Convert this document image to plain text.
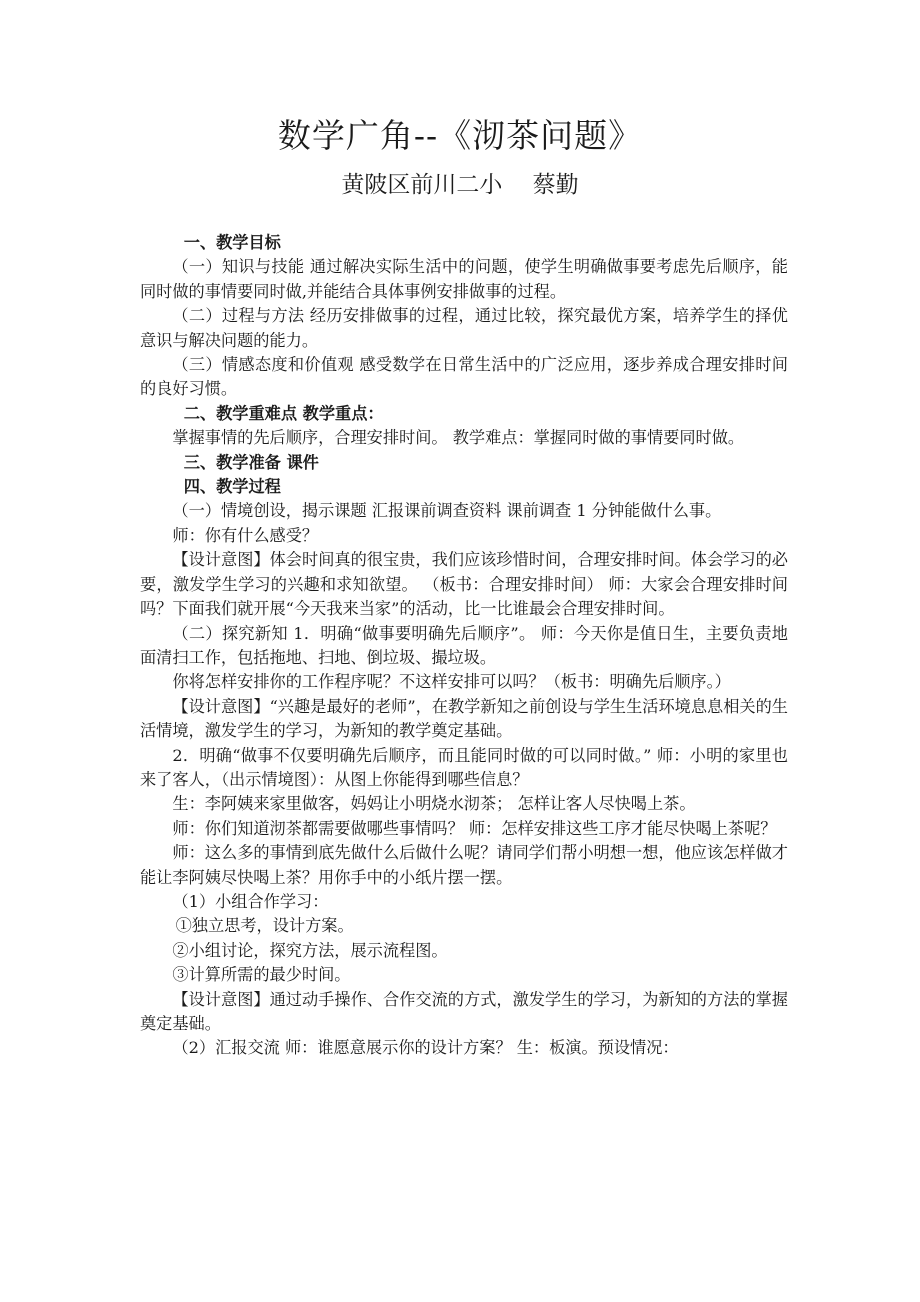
数学广角--《沏茶问题》
黄陂区前川二小　 蔡勤

一、教学目标

（一）知识与技能 通过解决实际生活中的问题，使学生明确做事要考虑先后顺序，能同时做的事情要同时做,并能结合具体事例安排做事的过程。

（二）过程与方法 经历安排做事的过程，通过比较，探究最优方案，培养学生的择优意识与解决问题的能力。

（三）情感态度和价值观 感受数学在日常生活中的广泛应用，逐步养成合理安排时间的良好习惯。

二、教学重难点 教学重点：

掌握事情的先后顺序，合理安排时间。 教学难点：掌握同时做的事情要同时做。

三、教学准备 课件

四、教学过程

（一）情境创设，揭示课题 汇报课前调查资料 课前调查 1 分钟能做什么事。

师：你有什么感受？

【设计意图】体会时间真的很宝贵，我们应该珍惜时间，合理安排时间。体会学习的必要，激发学生学习的兴趣和求知欲望。 （板书：合理安排时间） 师：大家会合理安排时间吗？下面我们就开展“今天我来当家”的活动，比一比谁最会合理安排时间。

（二）探究新知 1．明确“做事要明确先后顺序”。 师：今天你是值日生，主要负责地面清扫工作，包括拖地、扫地、倒垃圾、撮垃圾。

你将怎样安排你的工作程序呢？不这样安排可以吗？（板书：明确先后顺序。）

【设计意图】“兴趣是最好的老师”，在教学新知之前创设与学生生活环境息息相关的生活情境，激发学生的学习，为新知的教学奠定基础。

2．明确“做事不仅要明确先后顺序，而且能同时做的可以同时做。” 师：小明的家里也来了客人，（出示情境图）：从图上你能得到哪些信息？

生：李阿姨来家里做客，妈妈让小明烧水沏茶； 怎样让客人尽快喝上茶。

师：你们知道沏茶都需要做哪些事情吗？ 师：怎样安排这些工序才能尽快喝上茶呢？

师：这么多的事情到底先做什么后做什么呢？请同学们帮小明想一想，他应该怎样做才能让李阿姨尽快喝上茶？用你手中的小纸片摆一摆。

（1）小组合作学习：

①独立思考，设计方案。

②小组讨论，探究方法，展示流程图。

③计算所需的最少时间。

【设计意图】通过动手操作、合作交流的方式，激发学生的学习，为新知的方法的掌握奠定基础。

（2）汇报交流 师：谁愿意展示你的设计方案？ 生：板演。预设情况：
